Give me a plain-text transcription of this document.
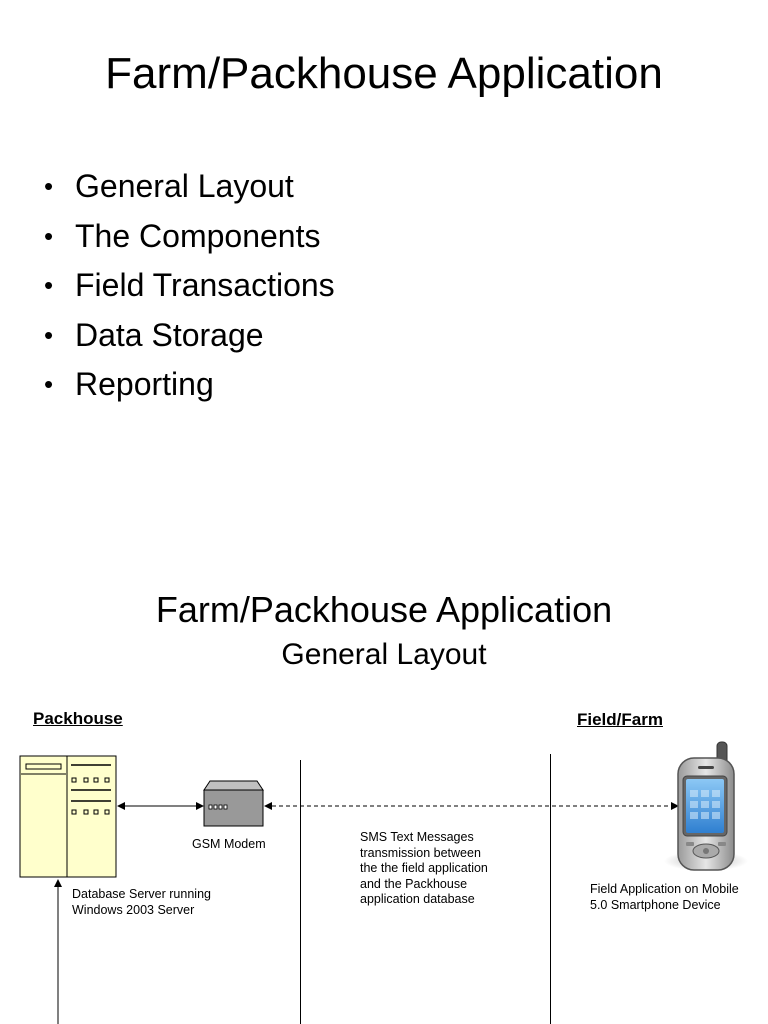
Farm/Packhouse Application
• General Layout
• The Components
• Field Transactions
• Data Storage
• Reporting
Farm/Packhouse Application
General Layout
Packhouse	Field/Farm
GSM Modem
Database Server running
Windows 2003 Server
SMS Text Messages
transmission between
the the field application
and the Packhouse
application database
Field Application on Mobile
5.0 Smartphone Device
